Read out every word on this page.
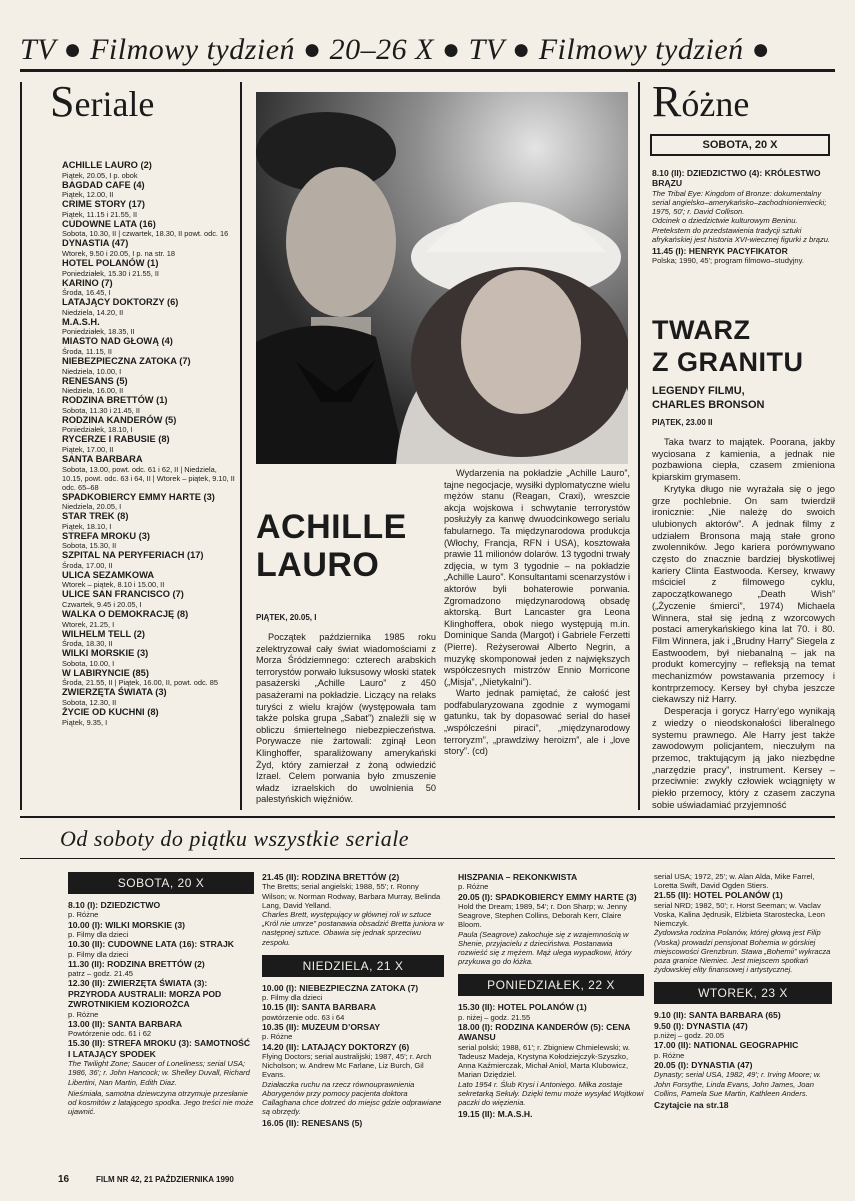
TV ● Filmowy tydzień ● 20–26 X ● TV ● Filmowy tydzień ●
Seriale
ACHILLE LAURO (2)
Piątek, 20.05, I p. obok
BAGDAD CAFE (4)
Piątek, 12.00, II
CRIME STORY (17)
Piątek, 11.15 i 21.55, II
CUDOWNE LATA (16)
Sobota, 10.30, II | czwartek, 18.30, II powt. odc. 16
DYNASTIA (47)
Wtorek, 9.50 i 20.05, I p. na str. 18
HOTEL POLANÓW (1)
Poniedziałek, 15.30 i 21.55, II
KARINO (7)
Środa, 16.45, I
LATAJĄCY DOKTORZY (6)
Niedziela, 14.20, II
M.A.S.H.
Poniedziałek, 18.35, II
MIASTO NAD GŁOWĄ (4)
Środa, 11.15, II
NIEBEZPIECZNA ZATOKA (7)
Niedziela, 10.00, I
RENESANS (5)
Niedziela, 16.00, II
RODZINA BRETTÓW (1)
Sobota, 11.30 i 21.45, II
RODZINA KANDERÓW (5)
Poniedziałek, 18.10, I
RYCERZE I RABUSIE (8)
Piątek, 17.00, II
SANTA BARBARA
Sobota, 13.00, powt. odc. 61 i 62, II | Niedziela, 10.15, powt. odc. 63 i 64, II | Wtorek – piątek, 9.10, II odc. 65–68
SPADKOBIERCY EMMY HARTE (3)
Niedziela, 20.05, I
STAR TREK (8)
Piątek, 18.10, I
STREFA MROKU (3)
Sobota, 15.30, II
SZPITAL NA PERYFERIACH (17)
Środa, 17.00, II
ULICA SEZAMKOWA
Wtorek – piątek, 8.10 i 15.00, II
ULICE SAN FRANCISCO (7)
Czwartek, 9.45 i 20.05, I
WALKA O DEMOKRACJĘ (8)
Wtorek, 21.25, I
WILHELM TELL (2)
Środa, 18.30, II
WILKI MORSKIE (3)
Sobota, 10.00, I
W LABIRYNCIE (85)
Środa, 21.55, II | Piątek, 16.00, II, powt. odc. 85
ZWIERZĘTA ŚWIATA (3)
Sobota, 12.30, II
ŻYCIE OD KUCHNI (8)
Piątek, 9.35, I
ACHILLE
LAURO
PIĄTEK, 20.05, I

Początek października 1985 roku zelektryzował cały świat wiadomościami z Morza Śródziemnego: czterech arabskich terrorystów porwało luksusowy włoski statek pasażerski „Achille Lauro” z 450 pasażerami na pokładzie. Liczący na relaks turyści z wielu krajów (występowała tam także polska grupa „Sabat”) znaleźli się w obliczu śmiertelnego niebezpieczeństwa. Porywacze nie żartowali: zginął Leon Klinghoffer, sparaliżowany amerykański Żyd, który zamierzał z żoną odwiedzić Izrael. Celem porwania było zmuszenie władz izraelskich do uwolnienia 50 palestyńskich więźniów.

Wydarzenia na pokładzie „Achille Lauro”, tajne negocjacje, wysiłki dyplomatyczne wielu mężów stanu (Reagan, Craxi), wreszcie akcja wojskowa i schwytanie terrorystów posłużyły za kanwę dwuodcinkowego serialu fabularnego. Ta międzynarodowa produkcja (Włochy, Francja, RFN i USA), kosztowała prawie 11 milionów dolarów. 13 tygodni trwały zdjęcia, w tym 3 tygodnie – na pokładzie „Achille Lauro”. Konsultantami scenarzystów i aktorów byli bohaterowie porwania. Zgromadzono międzynarodową obsadę aktorską. Burt Lancaster gra Leona Klinghoffera, obok niego występują m.in. Dominique Sanda (Margot) i Gabriele Ferzetti (Pierre). Reżyserował Alberto Negrin, a muzykę skomponował jeden z największych współczesnych mistrzów Ennio Morricone („Misja”, „Nietykalni”).

Warto jednak pamiętać, że całość jest podfabularyzowana zgodnie z wymogami gatunku, tak by dopasować serial do haseł „współcześni piraci”, „międzynarodowy terroryzm”, „prawdziwy heroizm”, ale i „love story”. (cd)

Różne
SOBOTA, 20 X
8.10 (II): DZIEDZICTWO (4): KRÓLESTWO BRĄZU
The Tribal Eye: Kingdom of Bronze: dokumentalny serial angielsko–amerykańsko–zachodnioniemiecki; 1975, 50'; r. David Collison.
Odcinek o dziedzictwie kulturowym Beninu. Pretekstem do przedstawienia tradycji sztuki afrykańskiej jest historia XVI-wiecznej figurki z brązu.
11.45 (I): HENRYK PACYFIKATOR
Polska; 1990, 45'; program filmowo–studyjny.
TWARZ
Z GRANITU
LEGENDY FILMU,
CHARLES BRONSON
PIĄTEK, 23.00 II

Taka twarz to majątek. Poorana, jakby wyciosana z kamienia, a jednak nie pozbawiona ciepła, czasem zmieniona kpiarskim grymasem.

Krytyka długo nie wyrażała się o jego grze pochlebnie. On sam twierdził ironicznie: „Nie należę do swoich ulubionych aktorów”. A jednak filmy z udziałem Bronsona mają stałe grono zwolenników. Jego kariera porównywano często do znacznie bardziej błyskotliwej kariery Clinta Eastwooda. Kersey, krwawy mściciel z filmowego cyklu, zapoczątkowanego „Death Wish” („Życzenie śmierci”, 1974) Michaela Winnera, stał się jedną z wzorcowych postaci amerykańskiego kina lat 70. i 80. Film Winnera, jak i „Brudny Harry” Siegela z Eastwoodem, był niebanalną – jak na produkt komercyjny – refleksją na temat mechanizmów powstawania przemocy i kontrprzemocy. Kersey był chyba jeszcze ciekawszy niż Harry.

Desperacja i gorycz Harry’ego wynikają z wiedzy o nieodskonałości liberalnego systemu prawnego. Ale Harry jest także zawodowym policjantem, nieczułym na przemoc, traktującym ją jako niezbędne „narzędzie pracy”, instrument. Kersey – przeciwnie: zwykły człowiek wciągnięty w piekło przemocy, który z czasem zaczyna sobie uświadamiać przyjemność

Od soboty do piątku wszystkie seriale
SOBOTA, 20 X
8.10 (I): DZIEDZICTWO
p. Różne
10.00 (I): WILKI MORSKIE (3)
p. Filmy dla dzieci
10.30 (II): CUDOWNE LATA (16): STRAJK
p. Filmy dla dzieci
11.30 (II): RODZINA BRETTÓW (2)
patrz – godz. 21.45
12.30 (II): ZWIERZĘTA ŚWIATA (3): PRZYRODA AUSTRALII: MORZA POD ZWROTNIKIEM KOZIOROŻCA
p. Różne
13.00 (II): SANTA BARBARA
Powtórzenie odc. 61 i 62
15.30 (II): STREFA MROKU (3): SAMOTNOŚĆ I LATAJĄCY SPODEK
The Twilight Zone; Saucer of Loneliness; serial USA; 1986, 36'; r. John Hancock; w. Shelley Duvall, Richard Libertini, Nan Martin, Edith Diaz.
Nieśmiała, samotna dziewczyna otrzymuje przesłanie od kosmitów z latającego spodka. Jego treści nie może ujawnić.
21.45 (II): RODZINA BRETTÓW (2)
The Bretts; serial angielski; 1988, 55'; r. Ronny Wilson; w. Norman Rodway, Barbara Murray, Belinda Lang, David Yelland.
Charles Brett, występujący w głównej roli w sztuce „Król nie umrze” postanawia obsadzić Bretta juniora w następnej sztuce. Obawia się jednak sprzeciwu zespołu.
NIEDZIELA, 21 X
10.00 (I): NIEBEZPIECZNA ZATOKA (7)
p. Filmy dla dzieci
10.15 (II): SANTA BARBARA
powtórzenie odc. 63 i 64
10.35 (II): MUZEUM D’ORSAY
p. Różne
14.20 (II): LATAJĄCY DOKTORZY (6)
Flying Doctors; serial australijski; 1987, 45'; r. Arch Nicholson; w. Andrew Mc Farlane, Liz Burch, Gil Evans.
Działaczka ruchu na rzecz równouprawnienia Aborygenów przy pomocy pacjenta doktora Callaghana chce dotrzeć do miejsc gdzie odprawiane są obrzędy.
16.05 (II): RENESANS (5)
HISZPANIA – REKONKWISTA
p. Różne
20.05 (I): SPADKOBIERCY EMMY HARTE (3)
Hold the Dream; 1989, 54'; r. Don Sharp; w. Jenny Seagrove, Stephen Collins, Deborah Kerr, Claire Bloom.
Paula (Seagrove) zakochuje się z wzajemnością w Shenie, przyjacielu z dzieciństwa. Postanawia rozwieść się z mężem. Mąż ulega wypadkowi, który przykuwa go do łóżka.
PONIEDZIAŁEK, 22 X
15.30 (II): HOTEL POLANÓW (1)
p. niżej – godz. 21.55
18.00 (I): RODZINA KANDERÓW (5): CENA AWANSU
serial polski; 1988, 61'; r. Zbigniew Chmielewski; w. Tadeusz Madeja, Krystyna Kołodziejczyk-Szyszko, Anna Kaźmierczak, Michał Aniol, Marta Klubowicz, Marian Dziędziel.
Lato 1954 r. Ślub Krysi i Antoniego. Miłka zostaje sekretarką Sekuły. Dzięki temu może wysyłać Wojtkowi paczki do więzienia.
19.15 (II): M.A.S.H.
serial USA; 1972, 25'; w. Alan Alda, Mike Farrel, Loretta Swift, David Ogden Stiers.
21.55 (II): HOTEL POLANÓW (1)
serial NRD; 1982, 50'; r. Horst Seeman; w. Vaclav Voska, Kalina Jędrusik, Elżbieta Starostecka, Leon Niemczyk.
Żydowska rodzina Polanów, której głową jest Filip (Voska) prowadzi pensjonat Bohemia w górskiej miejscowości Grenzbrun. Stawa „Bohemii” wykracza poza granice Niemiec. Jest miejscem spotkań żydowskiej elity finansowej i artystycznej.
WTOREK, 23 X
9.10 (II): SANTA BARBARA (65)
9.50 (I): DYNASTIA (47)
p.niżej – godz. 20.05
17.00 (II): NATIONAL GEOGRAPHIC
p. Różne
20.05 (I): DYNASTIA (47)
Dynasty; serial USA, 1982, 49'; r. Irving Moore; w. John Forsythe, Linda Evans, John James, Joan Collins, Pamela Sue Martin, Kathleen Anders.
Czytajcie na str.18
16	FILM NR 42, 21 PAŹDZIERNIKA 1990
